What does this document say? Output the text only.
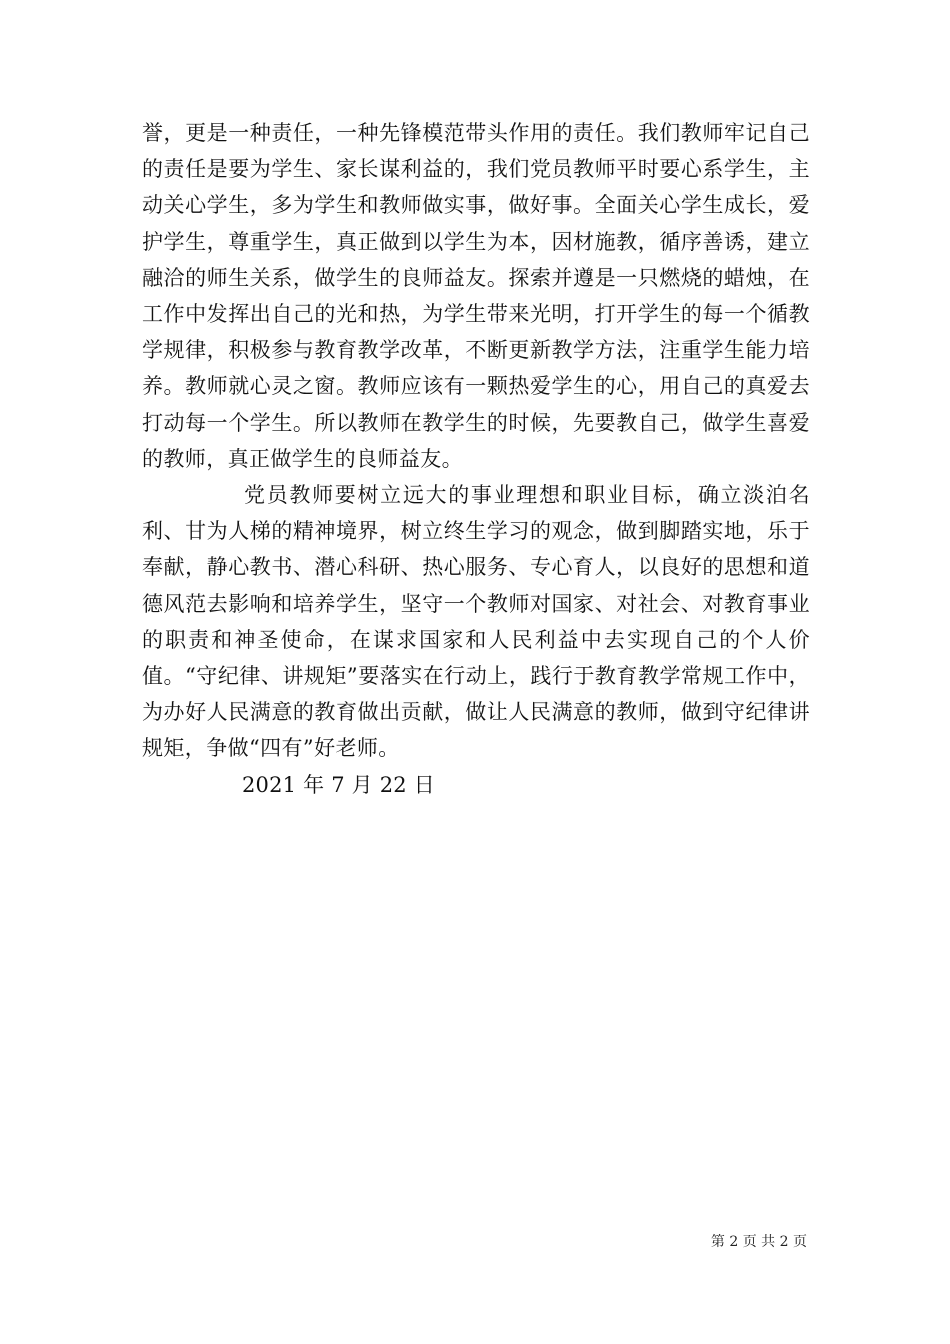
誉，更是一种责任，一种先锋模范带头作用的责任。我们教师牢记自己的责任是要为学生、家长谋利益的，我们党员教师平时要心系学生，主动关心学生，多为学生和教师做实事，做好事。全面关心学生成长，爱护学生，尊重学生，真正做到以学生为本，因材施教，循序善诱，建立融洽的师生关系，做学生的良师益友。探索并遵是一只燃烧的蜡烛，在工作中发挥出自己的光和热，为学生带来光明，打开学生的每一个循教学规律，积极参与教育教学改革，不断更新教学方法，注重学生能力培养。教师就心灵之窗。教师应该有一颗热爱学生的心，用自己的真爱去打动每一个学生。所以教师在教学生的时候，先要教自己，做学生喜爱的教师，真正做学生的良师益友。

党员教师要树立远大的事业理想和职业目标，确立淡泊名利、甘为人梯的精神境界，树立终生学习的观念，做到脚踏实地，乐于奉献，静心教书、潜心科研、热心服务、专心育人，以良好的思想和道德风范去影响和培养学生，坚守一个教师对国家、对社会、对教育事业的职责和神圣使命，在谋求国家和人民利益中去实现自己的个人价值。“守纪律、讲规矩”要落实在行动上，践行于教育教学常规工作中，为办好人民满意的教育做出贡献，做让人民满意的教师，做到守纪律讲规矩，争做“四有”好老师。

2021 年 7 月 22 日

第 2 页 共 2 页
